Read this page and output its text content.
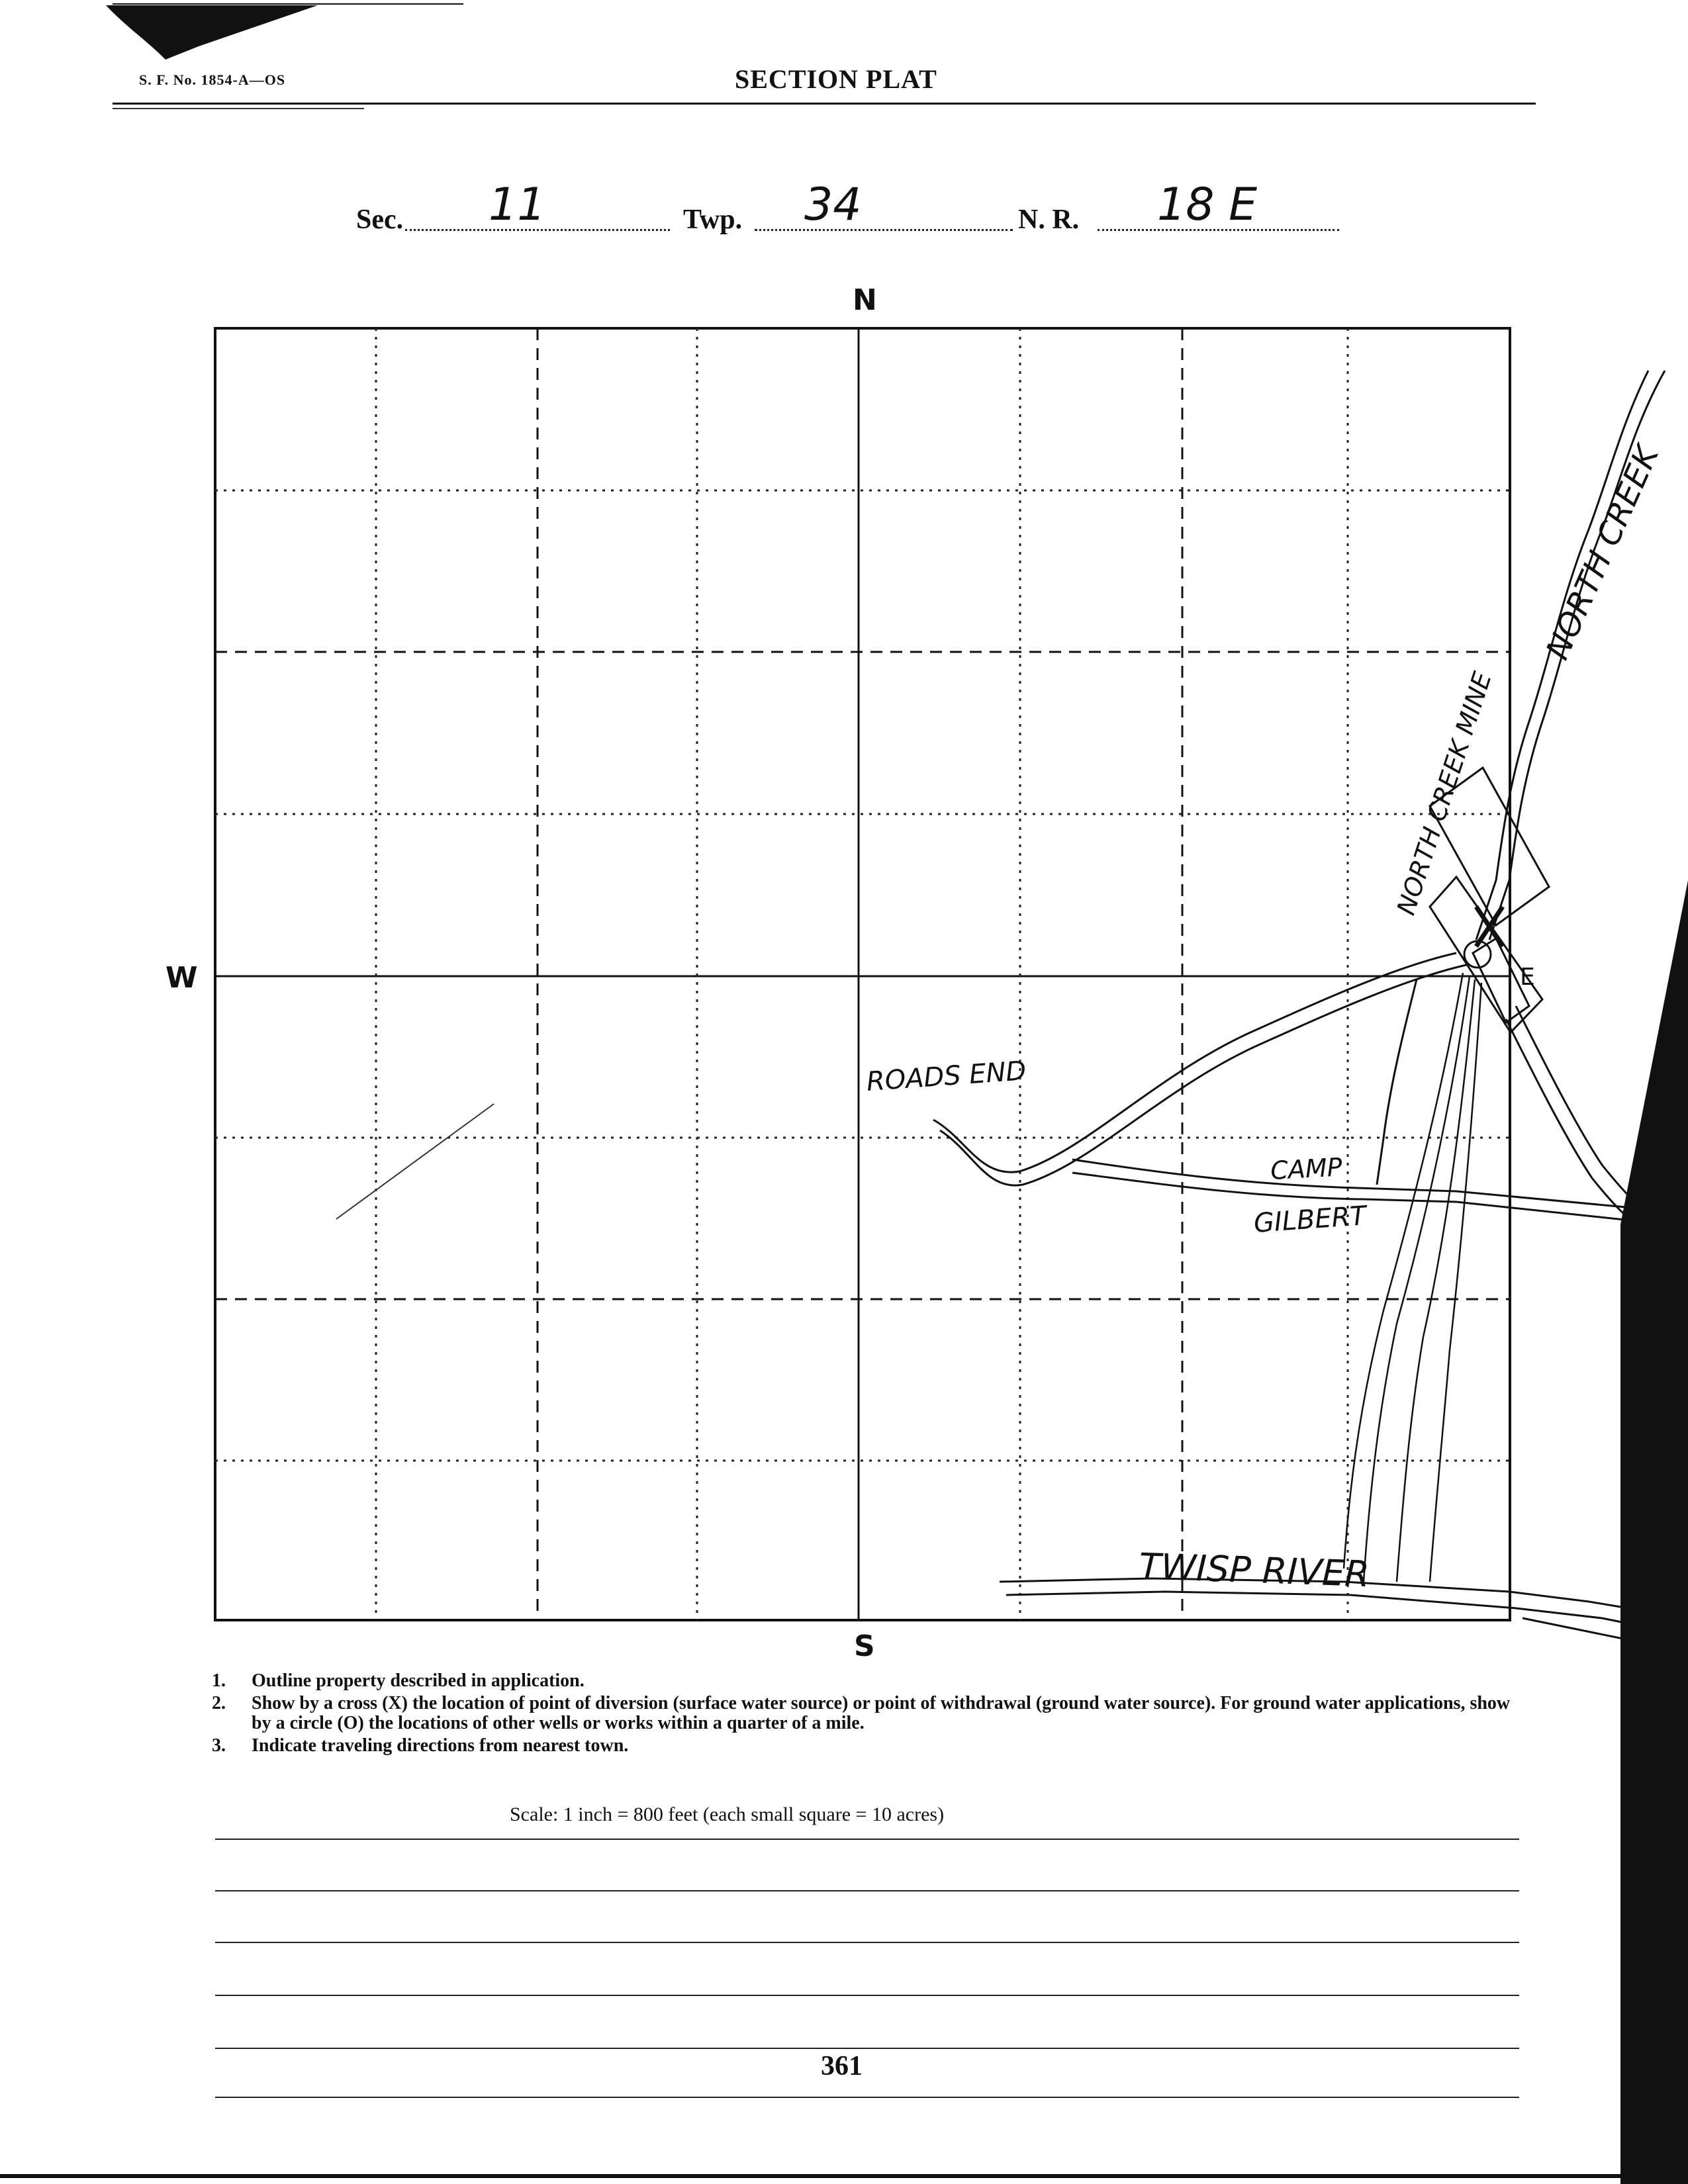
S. F. No. 1854-A—OS	SECTION PLAT
Sec. 11	Twp. 34	N. R. 18 E
N
S
W
ROADS END
CAMP
GILBERT
NORTH CREEK MINE
NORTH CREEK
TWISP RIVER
E
1. Outline property described in application.
2. Show by a cross (X) the location of point of diversion (surface water source) or point of withdrawal (ground water source). For ground water applications, show by a circle (O) the locations of other wells or works within a quarter of a mile.
3. Indicate traveling directions from nearest town.
Scale: 1 inch = 800 feet (each small square = 10 acres)
361
